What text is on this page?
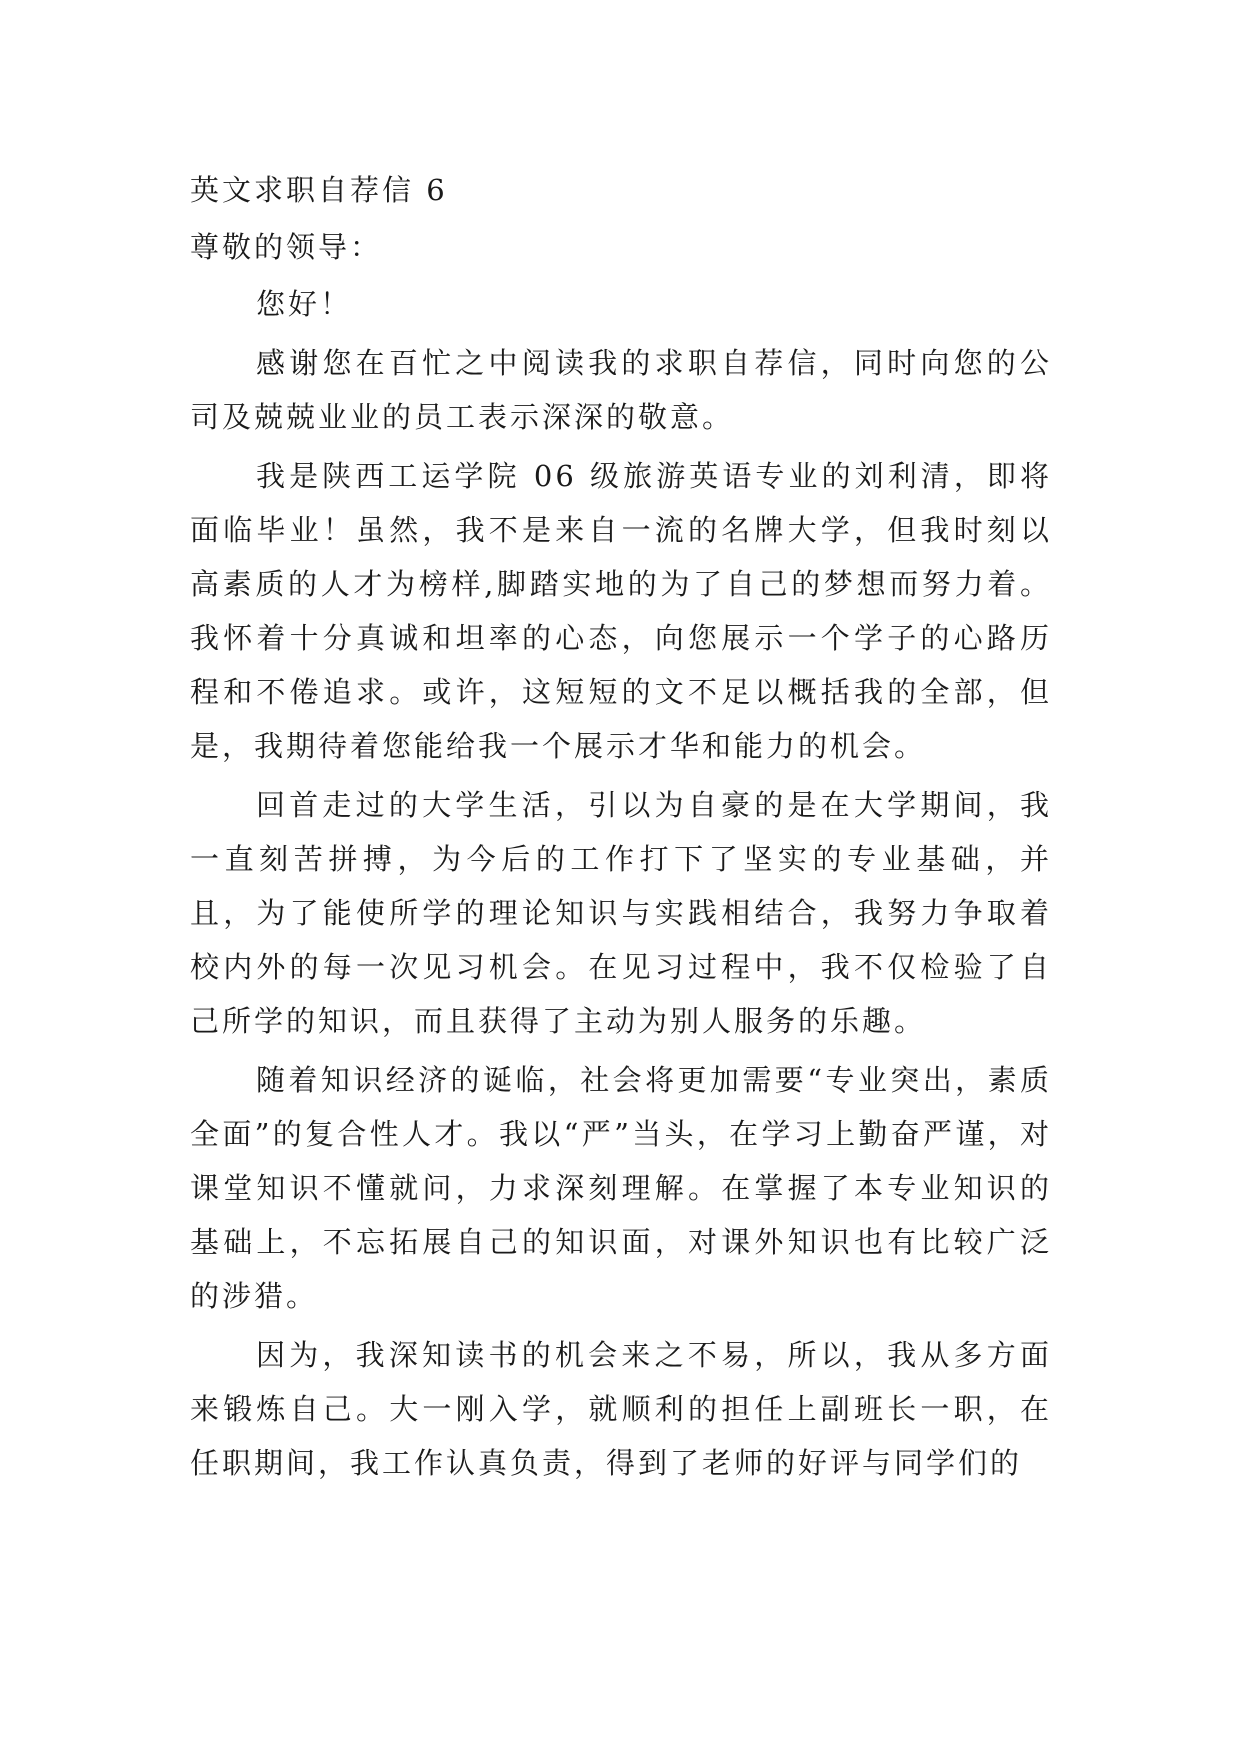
英文求职自荐信 6

尊敬的领导：

您好！

感谢您在百忙之中阅读我的求职自荐信，同时向您的公司及兢兢业业的员工表示深深的敬意。

我是陕西工运学院 06 级旅游英语专业的刘利清，即将面临毕业！虽然，我不是来自一流的名牌大学，但我时刻以高素质的人才为榜样,脚踏实地的为了自己的梦想而努力着。我怀着十分真诚和坦率的心态，向您展示一个学子的心路历程和不倦追求。或许，这短短的文不足以概括我的全部，但是，我期待着您能给我一个展示才华和能力的机会。

回首走过的大学生活，引以为自豪的是在大学期间，我一直刻苦拼搏，为今后的工作打下了坚实的专业基础，并且，为了能使所学的理论知识与实践相结合，我努力争取着校内外的每一次见习机会。在见习过程中，我不仅检验了自己所学的知识，而且获得了主动为别人服务的乐趣。

随着知识经济的诞临，社会将更加需要“专业突出，素质全面”的复合性人才。我以“严”当头，在学习上勤奋严谨，对课堂知识不懂就问，力求深刻理解。在掌握了本专业知识的基础上，不忘拓展自己的知识面，对课外知识也有比较广泛的涉猎。

因为，我深知读书的机会来之不易，所以，我从多方面来锻炼自己。大一刚入学，就顺利的担任上副班长一职，在任职期间，我工作认真负责，得到了老师的好评与同学们的
